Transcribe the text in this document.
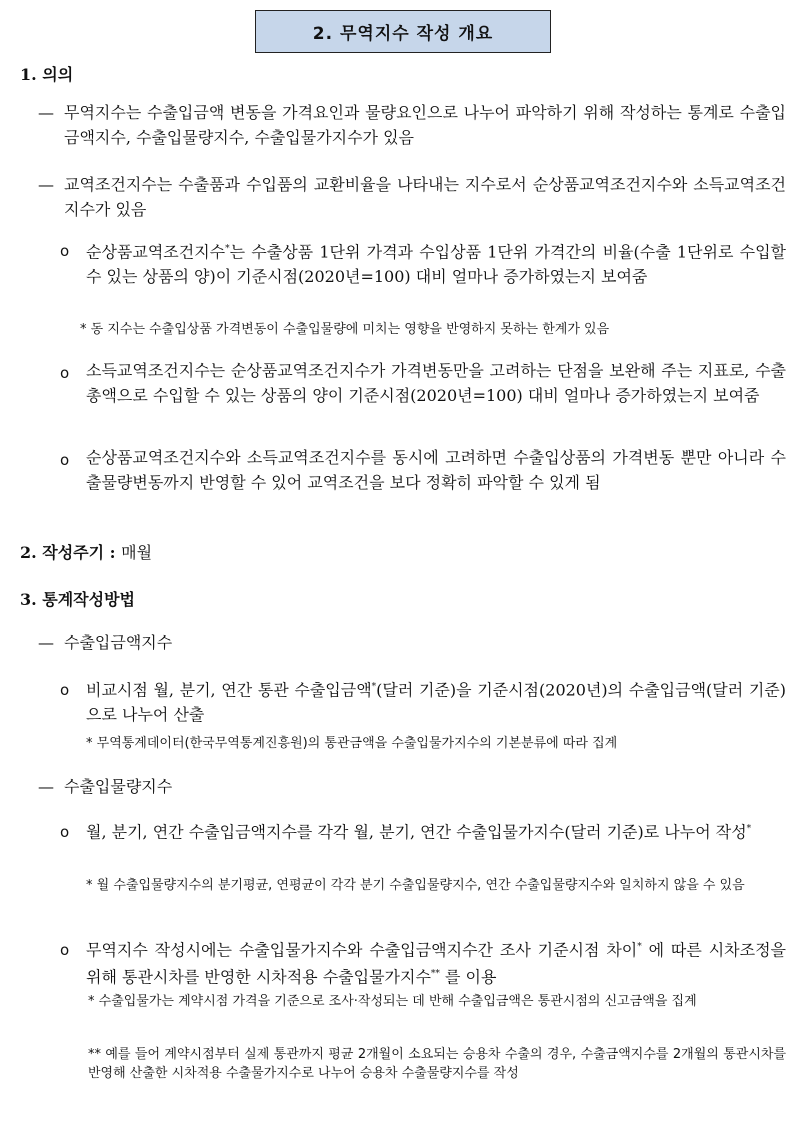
2. 무역지수 작성 개요
1. 의의
— 무역지수는 수출입금액 변동을 가격요인과 물량요인으로 나누어 파악하기 위해 작성하는 통계로 수출입금액지수, 수출입물량지수, 수출입물가지수가 있음
— 교역조건지수는 수출품과 수입품의 교환비율을 나타내는 지수로서 순상품교역조건지수와 소득교역조건지수가 있음
o 순상품교역조건지수*는 수출상품 1단위 가격과 수입상품 1단위 가격간의 비율(수출 1단위로 수입할 수 있는 상품의 양)이 기준시점(2020년=100) 대비 얼마나 증가하였는지 보여줌
* 동 지수는 수출입상품 가격변동이 수출입물량에 미치는 영향을 반영하지 못하는 한계가 있음
o 소득교역조건지수는 순상품교역조건지수가 가격변동만을 고려하는 단점을 보완해 주는 지표로, 수출총액으로 수입할 수 있는 상품의 양이 기준시점(2020년=100) 대비 얼마나 증가하였는지 보여줌
o 순상품교역조건지수와 소득교역조건지수를 동시에 고려하면 수출입상품의 가격변동 뿐만 아니라 수출물량변동까지 반영할 수 있어 교역조건을 보다 정확히 파악할 수 있게 됨
2. 작성주기 : 매월
3. 통계작성방법
— 수출입금액지수
o 비교시점 월, 분기, 연간 통관 수출입금액*(달러 기준)을 기준시점(2020년)의 수출입금액(달러 기준)으로 나누어 산출
* 무역통계데이터(한국무역통계진흥원)의 통관금액을 수출입물가지수의 기본분류에 따라 집계
— 수출입물량지수
o 월, 분기, 연간 수출입금액지수를 각각 월, 분기, 연간 수출입물가지수(달러 기준)로 나누어 작성*
* 월 수출입물량지수의 분기평균, 연평균이 각각 분기 수출입물량지수, 연간 수출입물량지수와 일치하지 않을 수 있음
o 무역지수 작성시에는 수출입물가지수와 수출입금액지수간 조사 기준시점 차이* 에 따른 시차조정을 위해 통관시차를 반영한 시차적용 수출입물가지수** 를 이용
* 수출입물가는 계약시점 가격을 기준으로 조사·작성되는 데 반해 수출입금액은 통관시점의 신고금액을 집계
** 예를 들어 계약시점부터 실제 통관까지 평균 2개월이 소요되는 승용차 수출의 경우, 수출금액지수를 2개월의 통관시차를 반영해 산출한 시차적용 수출물가지수로 나누어 승용차 수출물량지수를 작성
